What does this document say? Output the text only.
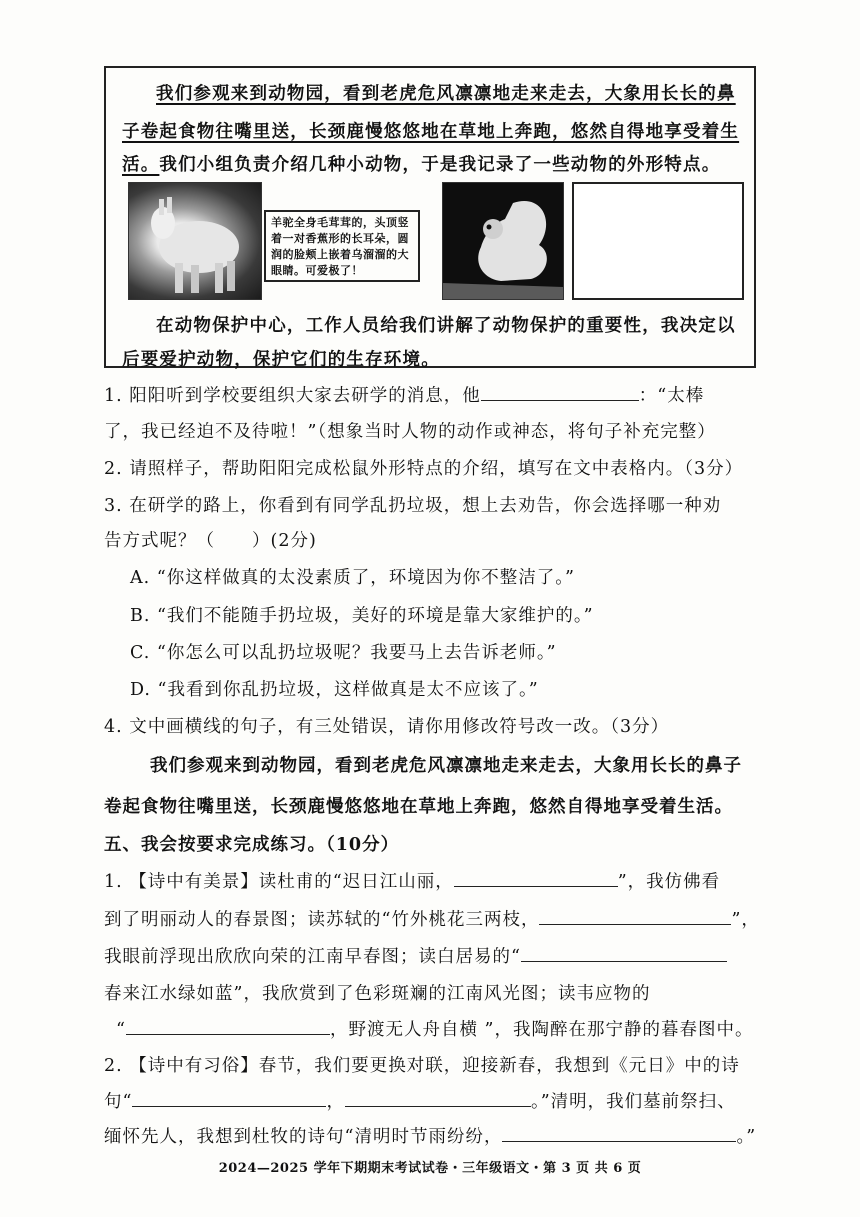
我们参观来到动物园，看到老虎危风凛凛地走来走去，大象用长长的鼻
子卷起食物往嘴里送，长颈鹿慢悠悠地在草地上奔跑，悠然自得地享受着生
活。我们小组负责介绍几种小动物，于是我记录了一些动物的外形特点。
羊驼全身毛茸茸的，头顶竖着一对香蕉形的长耳朵，圆润的脸颊上嵌着乌溜溜的大眼睛。可爱极了！
在动物保护中心，工作人员给我们讲解了动物保护的重要性，我决定以
后要爱护动物，保护它们的生存环境。
1. 阳阳听到学校要组织大家去研学的消息，他	：“太棒
了，我已经迫不及待啦！”（想象当时人物的动作或神态，将句子补充完整）
2. 请照样子，帮助阳阳完成松鼠外形特点的介绍，填写在文中表格内。（3分）
3. 在研学的路上，你看到有同学乱扔垃圾，想上去劝告，你会选择哪一种劝
告方式呢？（　　）(2分)
A. “你这样做真的太没素质了，环境因为你不整洁了。”
B. “我们不能随手扔垃圾，美好的环境是靠大家维护的。”
C. “你怎么可以乱扔垃圾呢？我要马上去告诉老师。”
D. “我看到你乱扔垃圾，这样做真是太不应该了。”
4. 文中画横线的句子，有三处错误，请你用修改符号改一改。（3分）
我们参观来到动物园，看到老虎危风凛凛地走来走去，大象用长长的鼻子
卷起食物往嘴里送，长颈鹿慢悠悠地在草地上奔跑，悠然自得地享受着生活。
五、我会按要求完成练习。（10分）
1. 【诗中有美景】读杜甫的“迟日江山丽，	”，我仿佛看
到了明丽动人的春景图；读苏轼的“竹外桃花三两枝，	”，
我眼前浮现出欣欣向荣的江南早春图；读白居易的“
春来江水绿如蓝”，我欣赏到了色彩斑斓的江南风光图；读韦应物的
“	，野渡无人舟自横 ”，我陶醉在那宁静的暮春图中。
2. 【诗中有习俗】春节，我们要更换对联，迎接新春，我想到《元日》中的诗
句“	，	。”清明，我们墓前祭扫、
缅怀先人，我想到杜牧的诗句“清明时节雨纷纷，	。”
2024—2025 学年下期期末考试试卷・三年级语文・第 3 页 共 6 页
